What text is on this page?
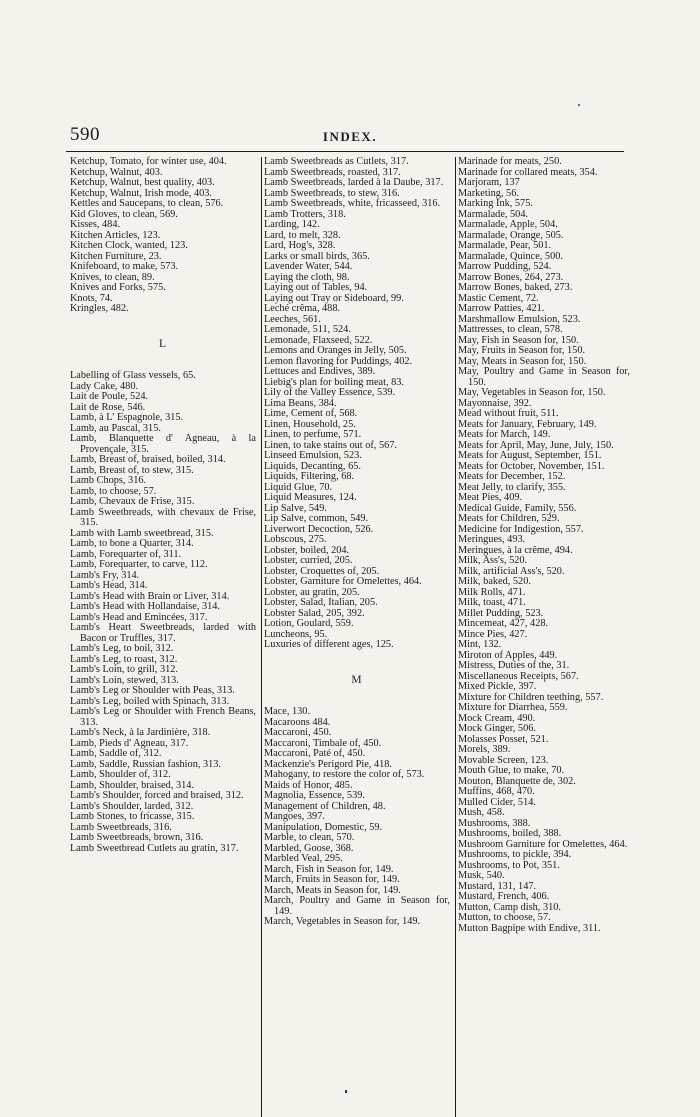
590	INDEX.
Ketchup, Tomato, for winter use, 404.
Ketchup, Walnut, 403.
Ketchup, Walnut, best quality, 403.
Ketchup, Walnut, Irish mode, 403.
Kettles and Saucepans, to clean, 576.
Kid Gloves, to clean, 569.
Kisses, 484.
Kitchen Articles, 123.
Kitchen Clock, wanted, 123.
Kitchen Furniture, 23.
Knifeboard, to make, 573.
Knives, to clean, 89.
Knives and Forks, 575.
Knots, 74.
Kringles, 482.
L
Labelling of Glass vessels, 65.
Lady Cake, 480.
Lait de Poule, 524.
Lait de Rose, 546.
Lamb, à L' Espagnole, 315.
Lamb, au Pascal, 315.
Lamb, Blanquette d' Agneau, à la Provençale, 315.
Lamb, Breast of, braised, boiled, 314.
Lamb, Breast of, to stew, 315.
Lamb Chops, 316.
Lamb, to choose, 57.
Lamb, Chevaux de Frise, 315.
Lamb Sweetbreads, with chevaux de Frise, 315.
Lamb with Lamb sweetbread, 315.
Lamb, to bone a Quarter, 314.
Lamb, Forequarter of, 311.
Lamb, Forequarter, to carve, 112.
Lamb's Fry, 314.
Lamb's Head, 314.
Lamb's Head with Brain or Liver, 314.
Lamb's Head with Hollandaise, 314.
Lamb's Head and Emincées, 317.
Lamb's Heart Sweetbreads, larded with Bacon or Truffles, 317.
Lamb's Leg, to boil, 312.
Lamb's Leg, to roast, 312.
Lamb's Loin, to grill, 312.
Lamb's Loin, stewed, 313.
Lamb's Leg or Shoulder with Peas, 313.
Lamb's Leg, boiled with Spinach, 313.
Lamb's Leg or Shoulder with French Beans, 313.
Lamb's Neck, à la Jardinière, 318.
Lamb, Pieds d' Agneau, 317.
Lamb, Saddle of, 312.
Lamb, Saddle, Russian fashion, 313.
Lamb, Shoulder of, 312.
Lamb, Shoulder, braised, 314.
Lamb's Shoulder, forced and braised, 312.
Lamb's Shoulder, larded, 312.
Lamb Stones, to fricasse, 315.
Lamb Sweetbreads, 316.
Lamb Sweetbreads, brown, 316.
Lamb Sweetbread Cutlets au gratin, 317.
Lamb Sweetbreads as Cutlets, 317.
Lamb Sweetbreads, roasted, 317.
Lamb Sweetbreads, larded à la Daube, 317.
Lamb Sweetbreads, to stew, 316.
Lamb Sweetbreads, white, fricasseed, 316.
Lamb Trotters, 318.
Larding, 142.
Lard, to melt, 328.
Lard, Hog's, 328.
Larks or small birds, 365.
Lavender Water, 544.
Laying the cloth, 98.
Laying out of Tables, 94.
Laying out Tray or Sideboard, 99.
Leché crêma, 488.
Leeches, 561.
Lemonade, 511, 524.
Lemonade, Flaxseed, 522.
Lemons and Oranges in Jelly, 505.
Lemon flavoring for Puddings, 402.
Lettuces and Endives, 389.
Liebig's plan for boiling meat, 83.
Lily of the Valley Essence, 539.
Lima Beans, 384.
Lime, Cement of, 568.
Linen, Household, 25.
Linen, to perfume, 571.
Linen, to take stains out of, 567.
Linseed Emulsion, 523.
Liquids, Decanting, 65.
Liquids, Filtering, 68.
Liquid Glue, 70.
Liquid Measures, 124.
Lip Salve, 549.
Lip Salve, common, 549.
Liverwort Decoction, 526.
Lobscous, 275.
Lobster, boiled, 204.
Lobster, curried, 205.
Lobster, Croquettes of, 205.
Lobster, Garniture for Omelettes, 464.
Lobster, au gratin, 205.
Lobster, Salad, Italian, 205.
Lobster Salad, 205, 392.
Lotion, Goulard, 559.
Luncheons, 95.
Luxuries of different ages, 125.
M
Mace, 130.
Macaroons 484.
Maccaroni, 450.
Maccaroni, Timbale of, 450.
Maccaroni, Paté of, 450.
Mackenzie's Perigord Pie, 418.
Mahogany, to restore the color of, 573.
Maids of Honor, 485.
Magnolia, Essence, 539.
Management of Children, 48.
Mangoes, 397.
Manipulation, Domestic, 59.
Marble, to clean, 570.
Marbled, Goose, 368.
Marbled Veal, 295.
March, Fish in Season for, 149.
March, Fruits in Season for, 149.
March, Meats in Season for, 149.
March, Poultry and Game in Season for, 149.
March, Vegetables in Season for, 149.
Marinade for meats, 250.
Marinade for collared meats, 354.
Marjoram, 137
Marketing, 56.
Marking Ink, 575.
Marmalade, 504.
Marmalade, Apple, 504.
Marmalade, Orange, 505.
Marmalade, Pear, 501.
Marmalade, Quince, 500.
Marrow Pudding, 524.
Marrow Bones, 264, 273.
Marrow Bones, baked, 273.
Mastic Cement, 72.
Marrow Patties, 421.
Marshmallow Emulsion, 523.
Mattresses, to clean, 578.
May, Fish in Season for, 150.
May, Fruits in Season for, 150.
May, Meats in Season for, 150.
May, Poultry and Game in Season for, 150.
May, Vegetables in Season for, 150.
Mayonnaise, 392.
Mead without fruit, 511.
Meats for January, February, 149.
Meats for March, 149.
Meats for April, May, June, July, 150.
Meats for August, September, 151.
Meats for October, November, 151.
Meats for December, 152.
Meat Jelly, to clarify, 355.
Meat Pies, 409.
Medical Guide, Family, 556.
Meats for Children, 529.
Medicine for Indigestion, 557.
Meringues, 493.
Meringues, à la crême, 494.
Milk, Ass's, 520.
Milk, artificial Ass's, 520.
Milk, baked, 520.
Milk Rolls, 471.
Milk, toast, 471.
Millet Pudding, 523.
Mincemeat, 427, 428.
Mince Pies, 427.
Mint, 132.
Miroton of Apples, 449.
Mistress, Duties of the, 31.
Miscellaneous Receipts, 567.
Mixed Pickle, 397.
Mixture for Children teething, 557.
Mixture for Diarrhea, 559.
Mock Cream, 490.
Mock Ginger, 506.
Molasses Posset, 521.
Morels, 389.
Movable Screen, 123.
Mouth Glue, to make, 70.
Mouton, Blanquette de, 302.
Muffins, 468, 470.
Mulled Cider, 514.
Mush, 458.
Mushrooms, 388.
Mushrooms, boiled, 388.
Mushroom Garniture for Omelettes, 464.
Mushrooms, to pickle, 394.
Mushrooms, to Pot, 351.
Musk, 540.
Mustard, 131, 147.
Mustard, French, 406.
Mutton, Camp dish, 310.
Mutton, to choose, 57.
Mutton Bagpipe with Endive, 311.
